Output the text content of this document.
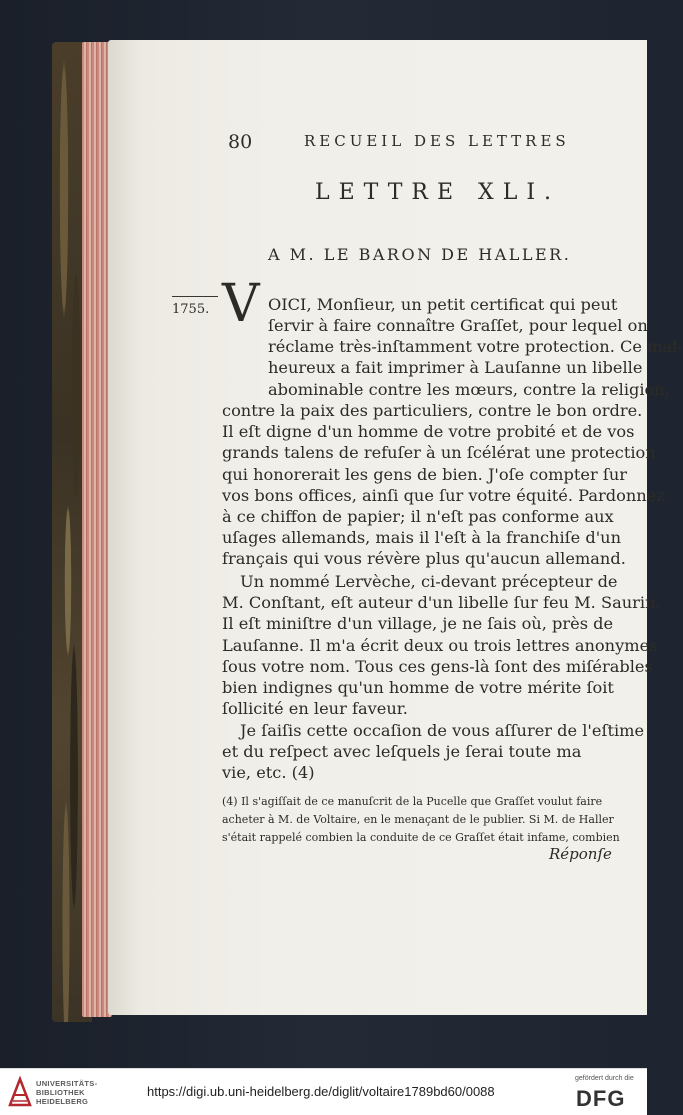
80	RECUEIL DES LETTRES
LETTRE XLI.
A M. LE BARON DE HALLER.
1755. V OICI, Monſieur, un petit certificat qui peut
ſervir à faire connaître Graſſet, pour lequel on
réclame très-inſtamment votre protection. Ce mal-
heureux a fait imprimer à Lauſanne un libelle
abominable contre les mœurs, contre la religion,
contre la paix des particuliers, contre le bon ordre.
Il eſt digne d'un homme de votre probité et de vos
grands talens de refuſer à un ſcélérat une protection
qui honorerait les gens de bien. J'oſe compter ſur
vos bons offices, ainſi que ſur votre équité. Pardonnez
à ce chiffon de papier; il n'eſt pas conforme aux
uſages allemands, mais il l'eſt à la franchiſe d'un
français qui vous révère plus qu'aucun allemand.
Un nommé Lervèche, ci-devant précepteur de
M. Conſtant, eſt auteur d'un libelle ſur feu M. Saurin.
Il eſt miniſtre d'un village, je ne ſais où, près de
Lauſanne. Il m'a écrit deux ou trois lettres anonymes
ſous votre nom. Tous ces gens-là ſont des miſérables
bien indignes qu'un homme de votre mérite ſoit
ſollicité en leur faveur.
Je ſaiſis cette occaſion de vous aſſurer de l'eſtime
et du reſpect avec leſquels je ſerai toute ma
vie, etc. (4)
(4) Il s'agiſſait de ce manuſcrit de la Pucelle que Graſſet voulut faire
acheter à M. de Voltaire, en le menaçant de le publier. Si M. de Haller
s'était rappelé combien la conduite de ce Graſſet était infame, combien
Réponſe
UNIVERSITÄTS-
BIBLIOTHEK
HEIDELBERG
https://digi.ub.uni-heidelberg.de/diglit/voltaire1789bd60/0088
gefördert durch die
DFG
